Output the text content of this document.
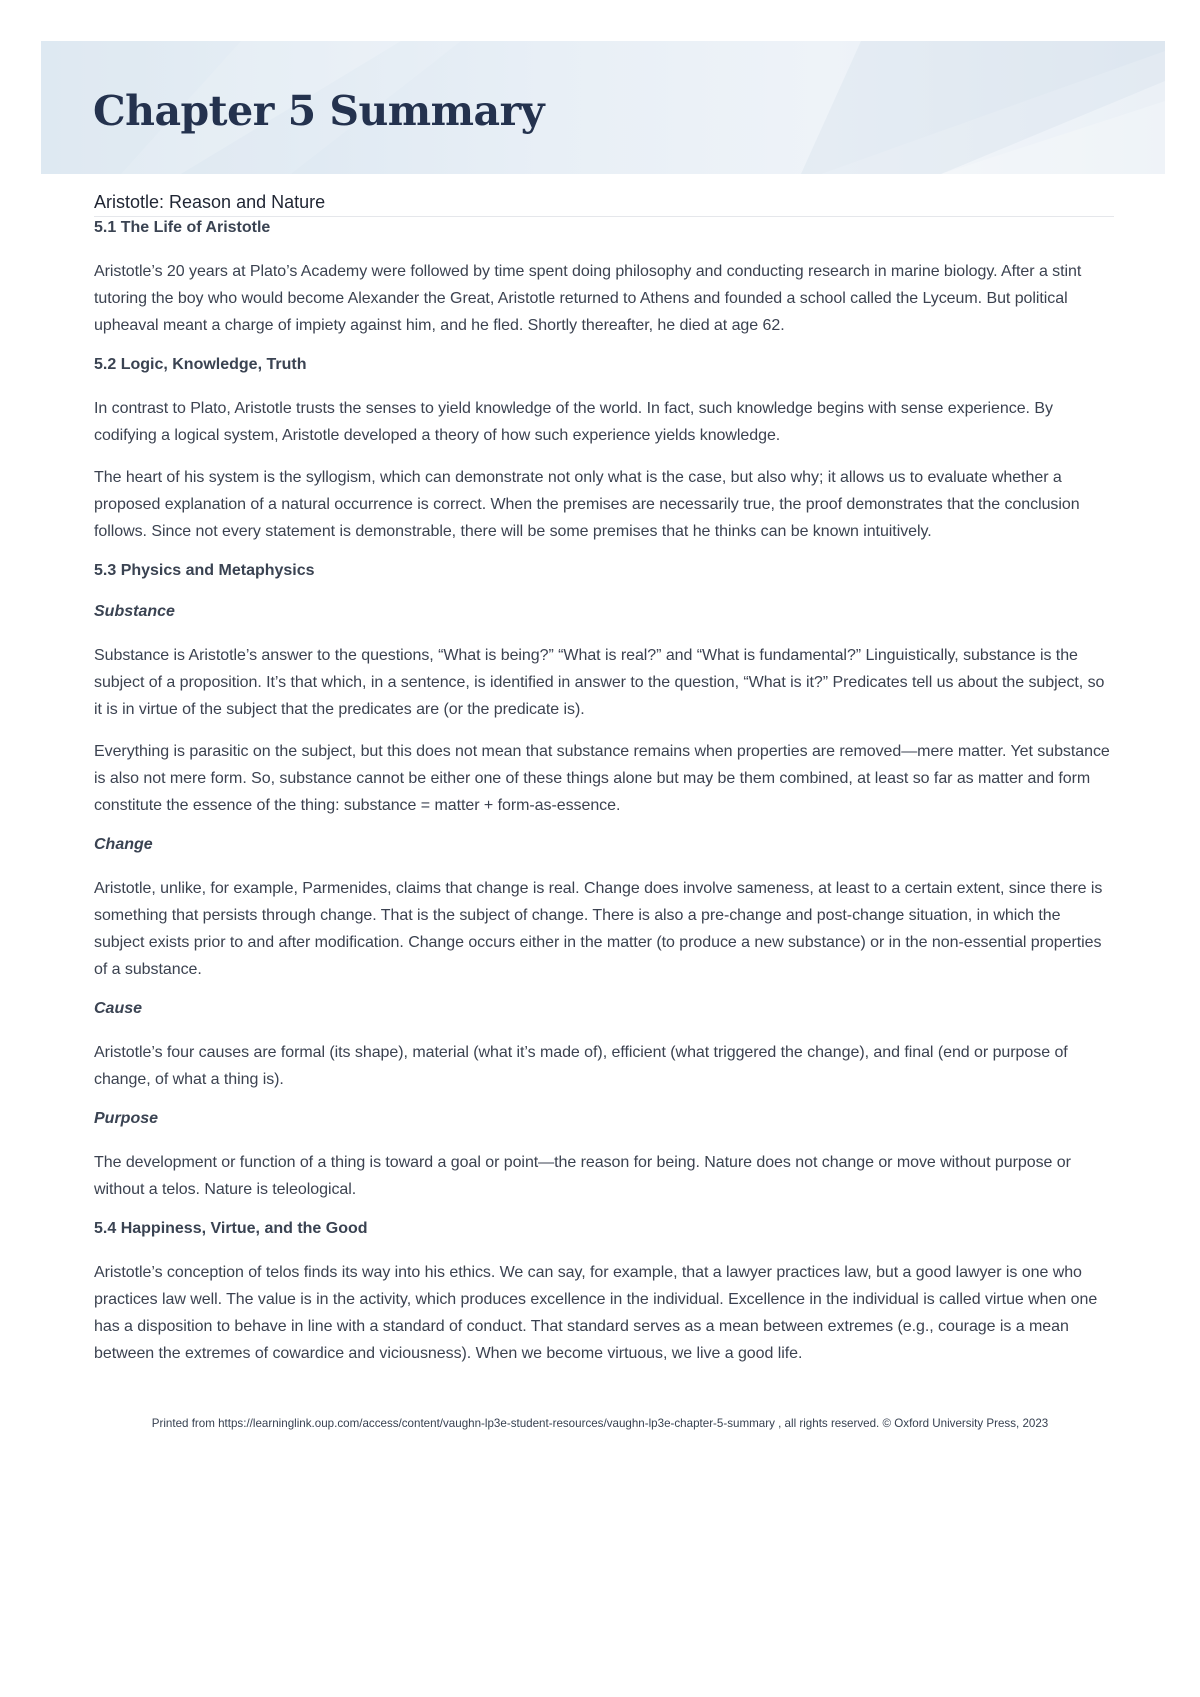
Chapter 5 Summary

Aristotle: Reason and Nature

5.1 The Life of Aristotle

Aristotle’s 20 years at Plato’s Academy were followed by time spent doing philosophy and conducting research in marine biology. After a stint tutoring the boy who would become Alexander the Great, Aristotle returned to Athens and founded a school called the Lyceum. But political upheaval meant a charge of impiety against him, and he fled. Shortly thereafter, he died at age 62.

5.2 Logic, Knowledge, Truth

In contrast to Plato, Aristotle trusts the senses to yield knowledge of the world. In fact, such knowledge begins with sense experience. By codifying a logical system, Aristotle developed a theory of how such experience yields knowledge.

The heart of his system is the syllogism, which can demonstrate not only what is the case, but also why; it allows us to evaluate whether a proposed explanation of a natural occurrence is correct. When the premises are necessarily true, the proof demonstrates that the conclusion follows. Since not every statement is demonstrable, there will be some premises that he thinks can be known intuitively.

5.3 Physics and Metaphysics
Substance

Substance is Aristotle’s answer to the questions, “What is being?” “What is real?” and “What is fundamental?” Linguistically, substance is the subject of a proposition. It’s that which, in a sentence, is identified in answer to the question, “What is it?” Predicates tell us about the subject, so it is in virtue of the subject that the predicates are (or the predicate is).

Everything is parasitic on the subject, but this does not mean that substance remains when properties are removed—mere matter. Yet substance is also not mere form. So, substance cannot be either one of these things alone but may be them combined, at least so far as matter and form constitute the essence of the thing: substance = matter + form-as-essence.

Change

Aristotle, unlike, for example, Parmenides, claims that change is real. Change does involve sameness, at least to a certain extent, since there is something that persists through change. That is the subject of change. There is also a pre-change and post-change situation, in which the subject exists prior to and after modification. Change occurs either in the matter (to produce a new substance) or in the non-essential properties of a substance.

Cause

Aristotle’s four causes are formal (its shape), material (what it’s made of), efficient (what triggered the change), and final (end or purpose of change, of what a thing is).

Purpose

The development or function of a thing is toward a goal or point—the reason for being. Nature does not change or move without purpose or without a telos. Nature is teleological.

5.4 Happiness, Virtue, and the Good

Aristotle’s conception of telos finds its way into his ethics. We can say, for example, that a lawyer practices law, but a good lawyer is one who practices law well. The value is in the activity, which produces excellence in the individual. Excellence in the individual is called virtue when one has a disposition to behave in line with a standard of conduct. That standard serves as a mean between extremes (e.g., courage is a mean between the extremes of cowardice and viciousness). When we become virtuous, we live a good life.

Printed from https://learninglink.oup.com/access/content/vaughn-lp3e-student-resources/vaughn-lp3e-chapter-5-summary , all rights reserved. © Oxford University Press, 2023
